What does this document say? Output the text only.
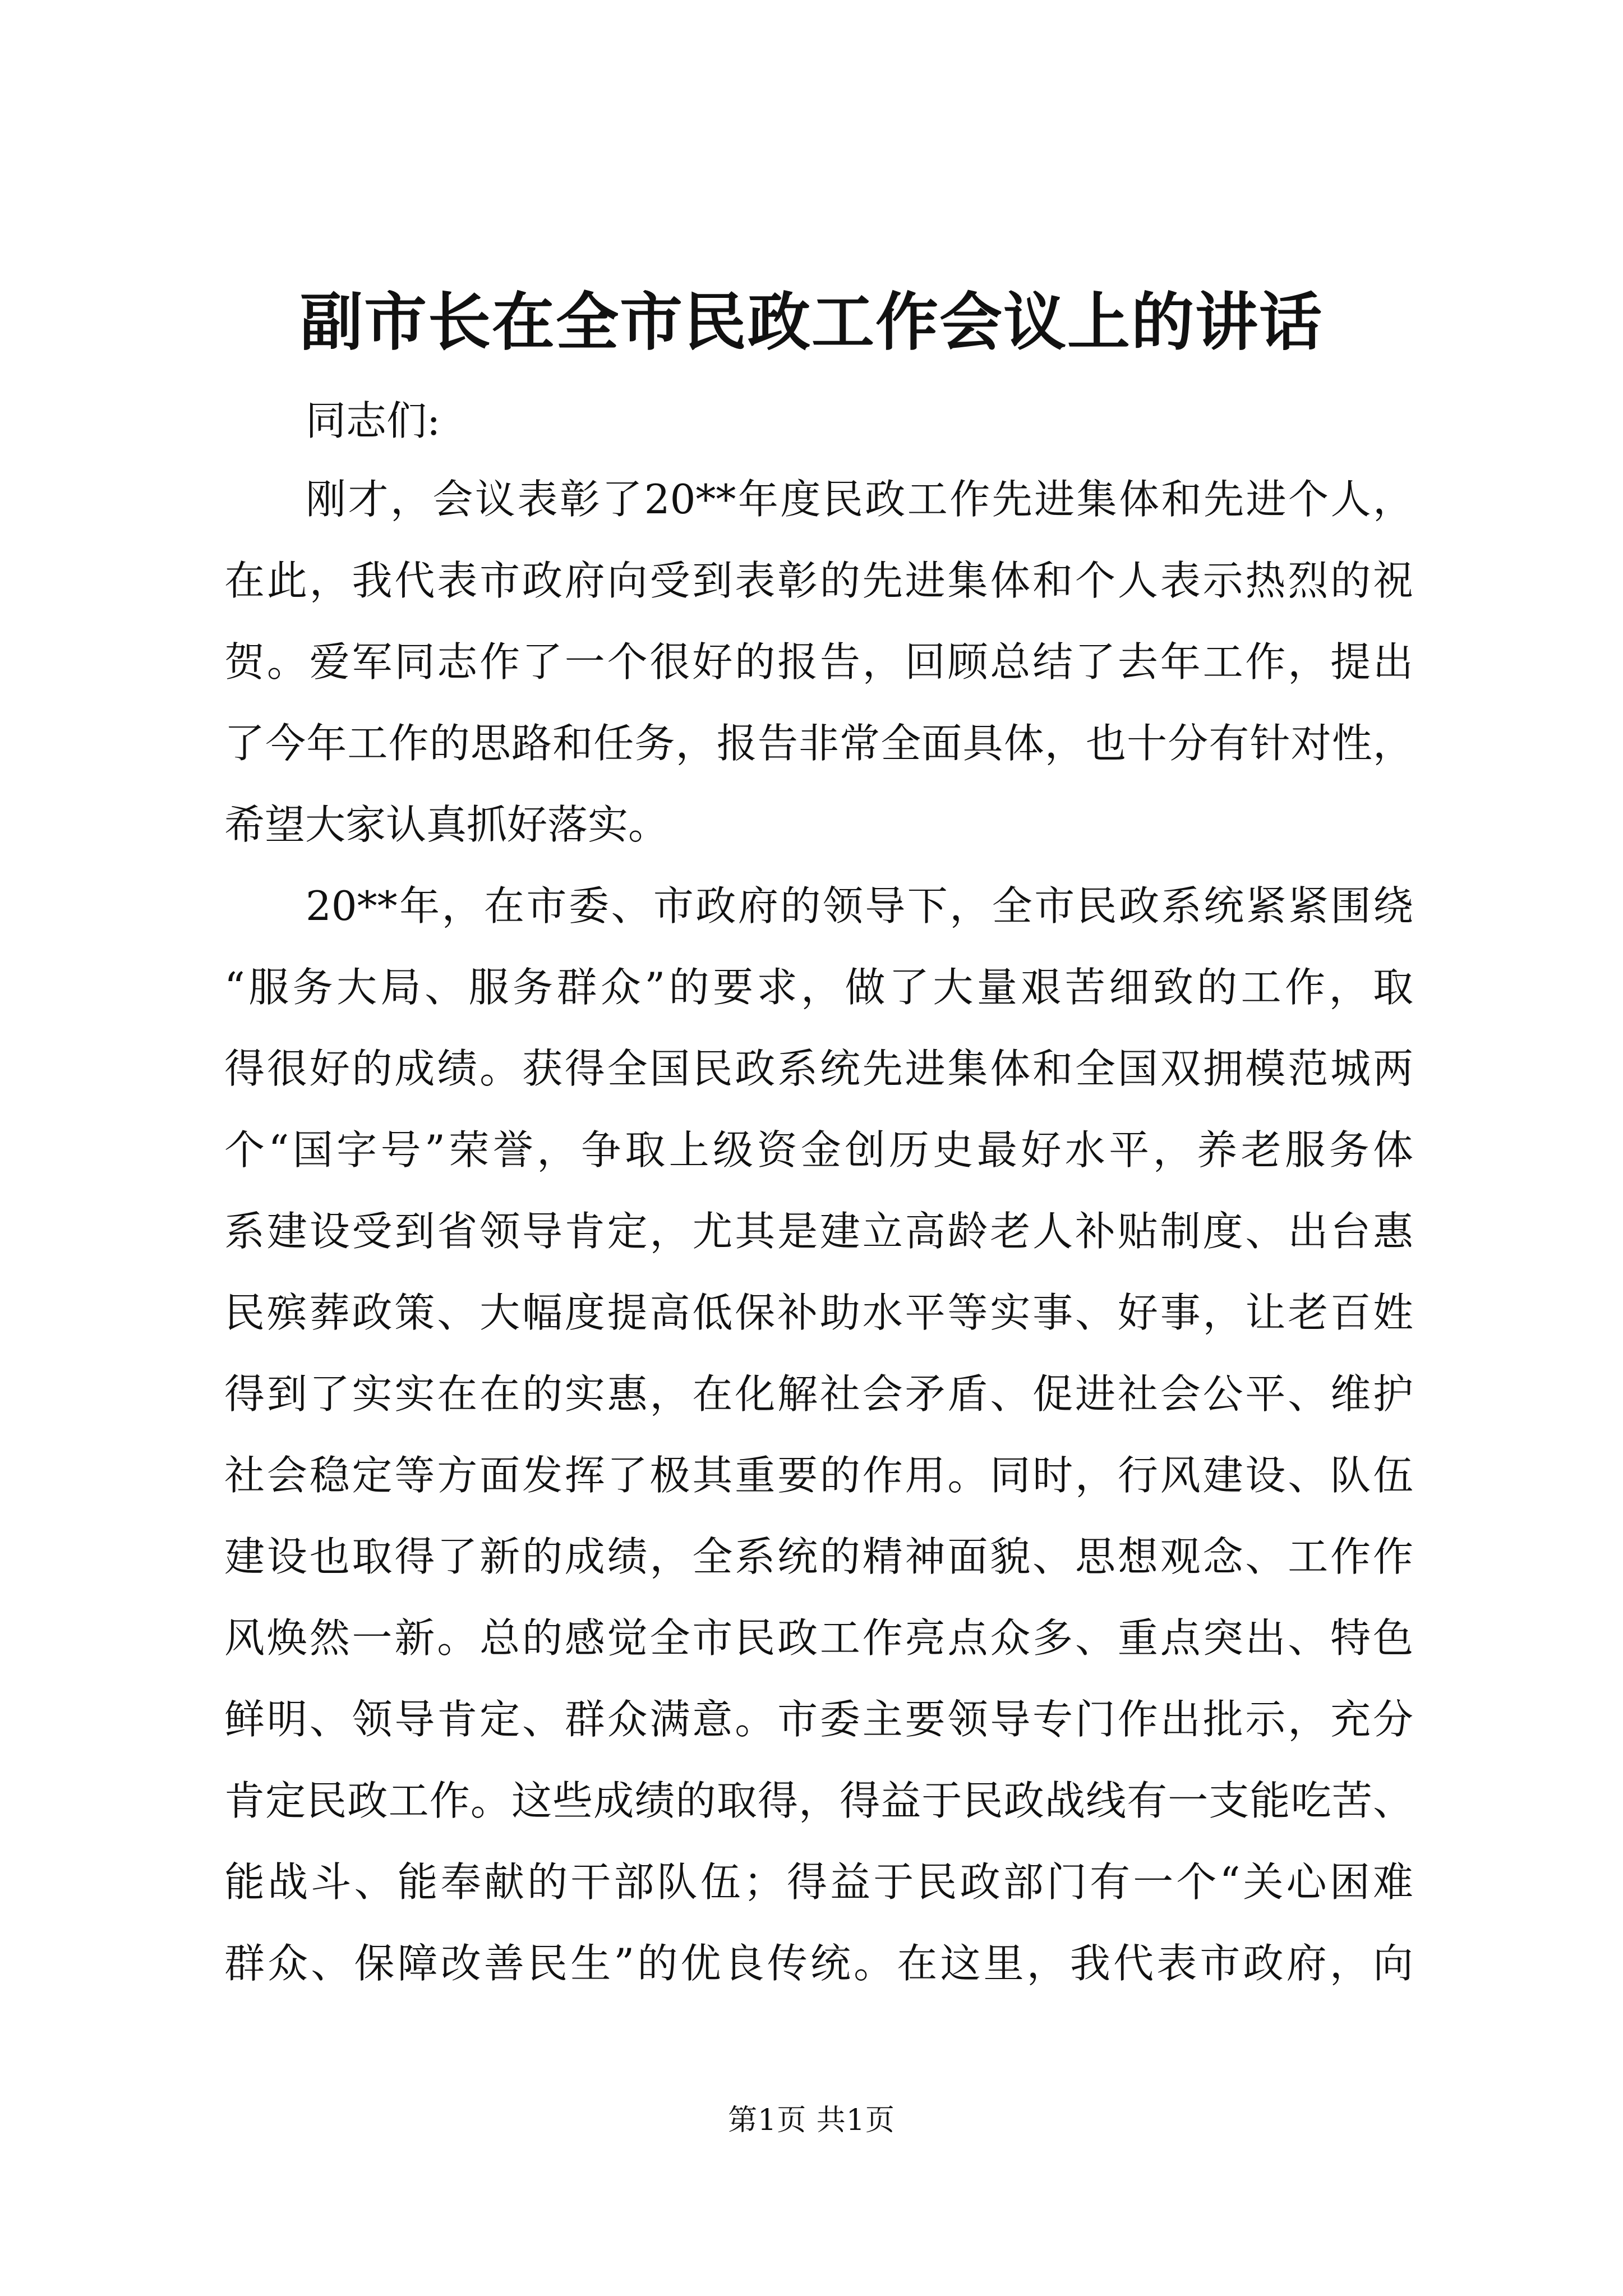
副市长在全市民政工作会议上的讲话
同志们:
刚才，会议表彰了20**年度民政工作先进集体和先进个人，
在此，我代表市政府向受到表彰的先进集体和个人表示热烈的祝
贺。爱军同志作了一个很好的报告，回顾总结了去年工作，提出
了今年工作的思路和任务，报告非常全面具体，也十分有针对性，
希望大家认真抓好落实。
20**年，在市委、市政府的领导下，全市民政系统紧紧围绕
“服务大局、服务群众”的要求，做了大量艰苦细致的工作，取
得很好的成绩。获得全国民政系统先进集体和全国双拥模范城两
个“国字号”荣誉，争取上级资金创历史最好水平，养老服务体
系建设受到省领导肯定，尤其是建立高龄老人补贴制度、出台惠
民殡葬政策、大幅度提高低保补助水平等实事、好事，让老百姓
得到了实实在在的实惠，在化解社会矛盾、促进社会公平、维护
社会稳定等方面发挥了极其重要的作用。同时，行风建设、队伍
建设也取得了新的成绩，全系统的精神面貌、思想观念、工作作
风焕然一新。总的感觉全市民政工作亮点众多、重点突出、特色
鲜明、领导肯定、群众满意。市委主要领导专门作出批示，充分
肯定民政工作。这些成绩的取得，得益于民政战线有一支能吃苦、
能战斗、能奉献的干部队伍；得益于民政部门有一个“关心困难
群众、保障改善民生”的优良传统。在这里，我代表市政府，向
第1页 共1页
